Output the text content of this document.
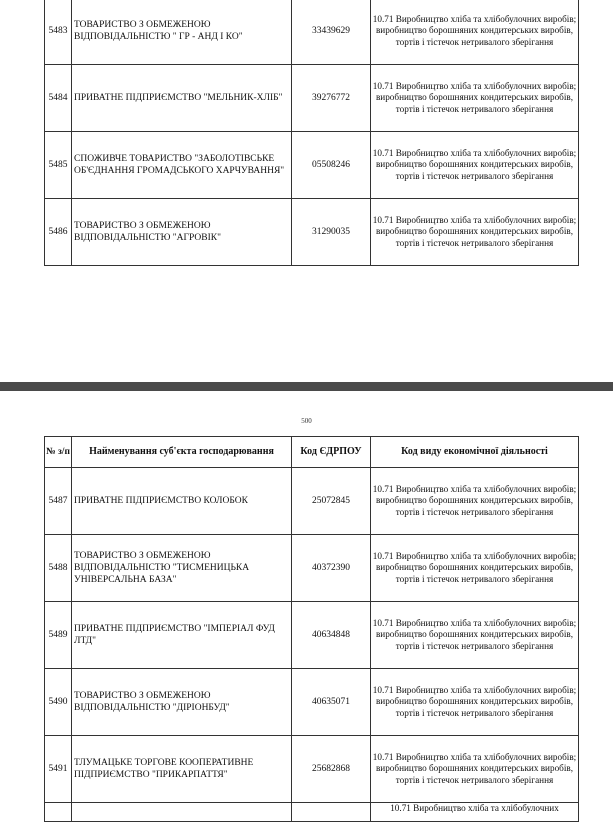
5483	ТОВАРИСТВО З ОБМЕЖЕНОЮ ВІДПОВІДАЛЬНІСТЮ " ГР - АНД І КО"	33439629	10.71 Виробництво хліба та хлібобулочних виробів; виробництво борошняних кондитерських виробів, тортів і тістечок нетривалого зберігання
5484	ПРИВАТНЕ ПІДПРИЄМСТВО "МЕЛЬНИК-ХЛІБ"	39276772	10.71 Виробництво хліба та хлібобулочних виробів; виробництво борошняних кондитерських виробів, тортів і тістечок нетривалого зберігання
5485	СПОЖИВЧЕ ТОВАРИСТВО "ЗАБОЛОТІВСЬКЕ ОБ'ЄДНАННЯ ГРОМАДСЬКОГО ХАРЧУВАННЯ"	05508246	10.71 Виробництво хліба та хлібобулочних виробів; виробництво борошняних кондитерських виробів, тортів і тістечок нетривалого зберігання
5486	ТОВАРИСТВО З ОБМЕЖЕНОЮ ВІДПОВІДАЛЬНІСТЮ "АГРОВІК"	31290035	10.71 Виробництво хліба та хлібобулочних виробів; виробництво борошняних кондитерських виробів, тортів і тістечок нетривалого зберігання
500
№ з/п	Найменування суб'єкта господарювання	Код ЄДРПОУ	Код виду економічної діяльності
5487	ПРИВАТНЕ ПІДПРИЄМСТВО КОЛОБОК	25072845	10.71 Виробництво хліба та хлібобулочних виробів; виробництво борошняних кондитерських виробів, тортів і тістечок нетривалого зберігання
5488	ТОВАРИСТВО З ОБМЕЖЕНОЮ ВІДПОВІДАЛЬНІСТЮ "ТИСМЕНИЦЬКА УНІВЕРСАЛЬНА БАЗА"	40372390	10.71 Виробництво хліба та хлібобулочних виробів; виробництво борошняних кондитерських виробів, тортів і тістечок нетривалого зберігання
5489	ПРИВАТНЕ ПІДПРИЄМСТВО "ІМПЕРІАЛ ФУД ЛТД"	40634848	10.71 Виробництво хліба та хлібобулочних виробів; виробництво борошняних кондитерських виробів, тортів і тістечок нетривалого зберігання
5490	ТОВАРИСТВО З ОБМЕЖЕНОЮ ВІДПОВІДАЛЬНІСТЮ "ДІРІОНБУД"	40635071	10.71 Виробництво хліба та хлібобулочних виробів; виробництво борошняних кондитерських виробів, тортів і тістечок нетривалого зберігання
5491	ТЛУМАЦЬКЕ ТОРГОВЕ КООПЕРАТИВНЕ ПІДПРИЄМСТВО "ПРИКАРПАТТЯ"	25682868	10.71 Виробництво хліба та хлібобулочних виробів; виробництво борошняних кондитерських виробів, тортів і тістечок нетривалого зберігання
			10.71 Виробництво хліба та хлібобулочних
